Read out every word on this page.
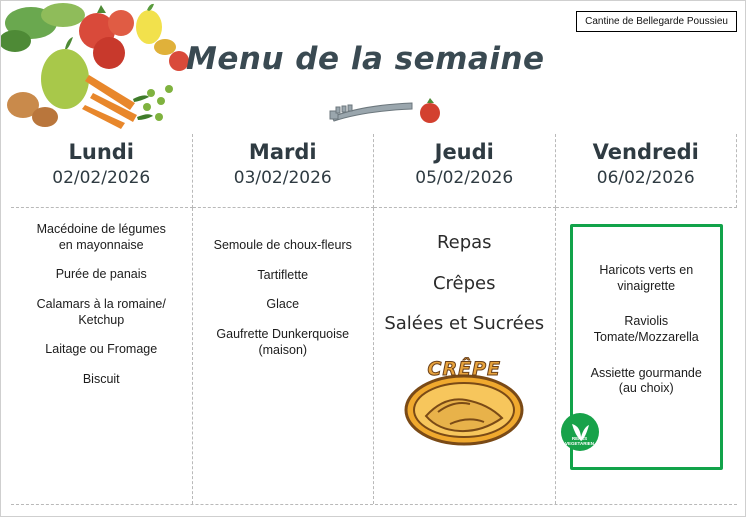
Menu de la semaine
Cantine de Bellegarde Poussieu
Lundi
02/02/2026
Mardi
03/02/2026
Jeudi
05/02/2026
Vendredi
06/02/2026
Macédoine de légumes
en mayonnaise
Purée de panais
Calamars à la romaine/
Ketchup
Laitage ou Fromage
Biscuit
Semoule de choux-fleurs
Tartiflette
Glace
Gaufrette Dunkerquoise
(maison)
Repas
Crêpes
Salées et Sucrées
CRÊPE
Haricots verts en
vinaigrette
Raviolis
Tomate/Mozzarella
Assiette gourmande
(au choix)
REPAS VEGETARIEN
